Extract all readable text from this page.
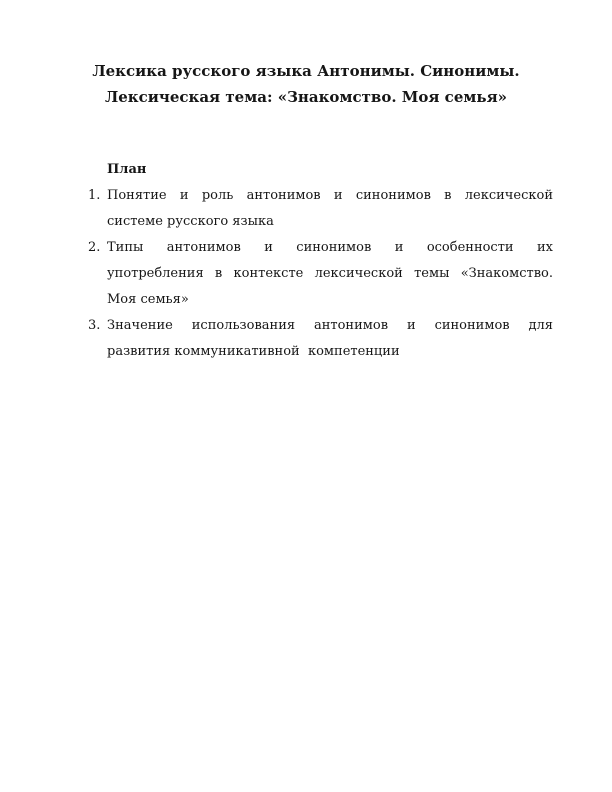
Лексика русского языка Антонимы. Синонимы.
Лексическая тема: «Знакомство. Моя семья»
План
1. Понятие и роль антонимов и синонимов в лексической
системе русского языка
2. Типы антонимов и синонимов и особенности их
употребления в контексте лексической темы «Знакомство.
Моя семья»
3. Значение использования антонимов и синонимов для
развития коммуникативной  компетенции
